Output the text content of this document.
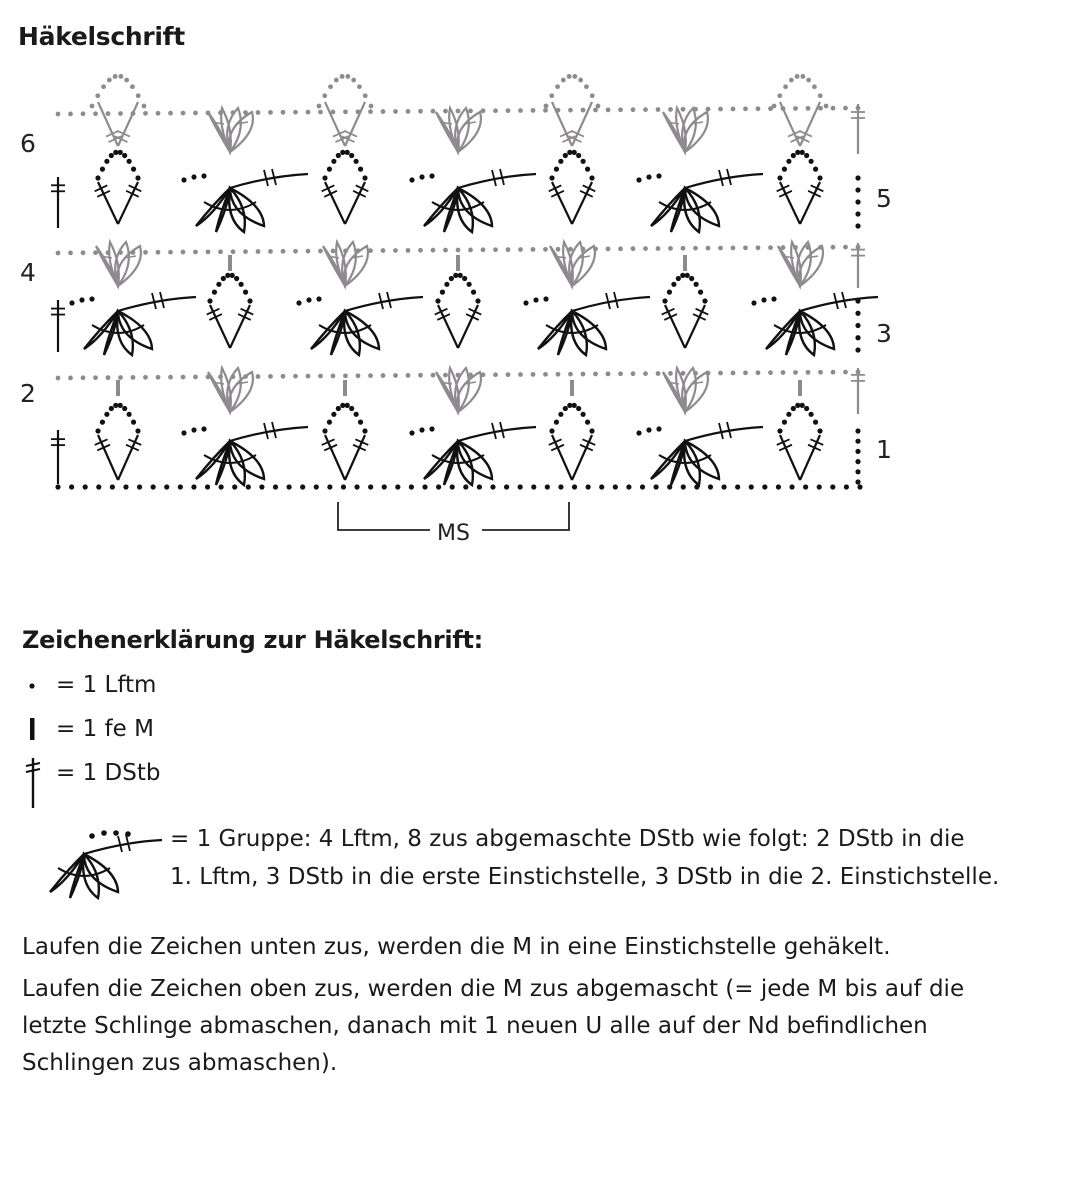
Häkelschrift
6
4
2
5
3
1
MS
Zeichenerklärung zur Häkelschrift:
= 1 Lftm
= 1 fe M
= 1 DStb
= 1 Gruppe: 4 Lftm, 8 zus abgemaschte DStb wie folgt: 2 DStb in die
1. Lftm, 3 DStb in die erste Einstichstelle, 3 DStb in die 2. Einstichstelle.
Laufen die Zeichen unten zus, werden die M in eine Einstichstelle gehäkelt.
Laufen die Zeichen oben zus, werden die M zus abgemascht (= jede M bis auf die
letzte Schlinge abmaschen, danach mit 1 neuen U alle auf der Nd befindlichen
Schlingen zus abmaschen).
